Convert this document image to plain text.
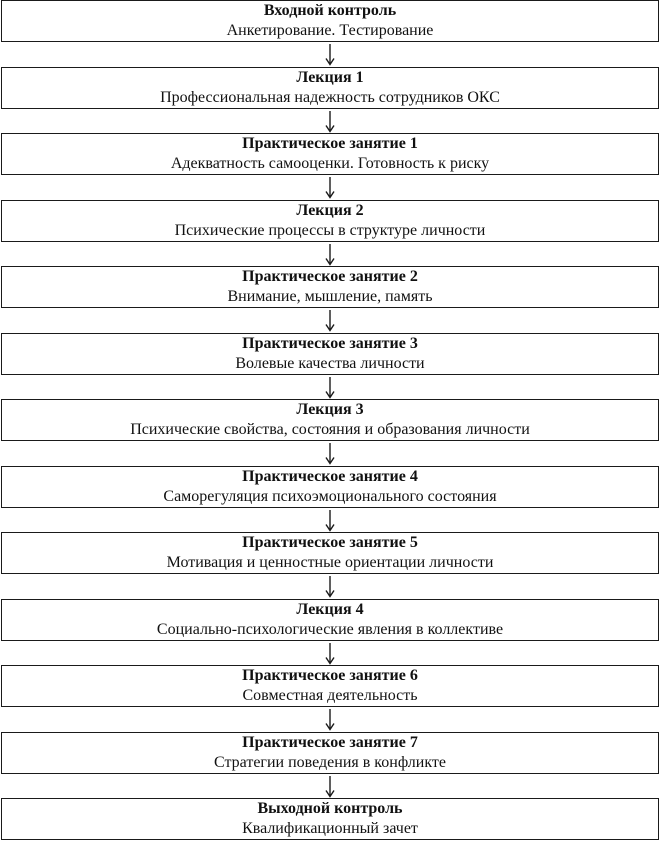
Входной контроль
Анкетирование. Тестирование
Лекция 1
Профессиональная надежность сотрудников ОКС
Практическое занятие 1
Адекватность самооценки. Готовность к риску
Лекция 2
Психические процессы в структуре личности
Практическое занятие 2
Внимание, мышление, память
Практическое занятие 3
Волевые качества личности
Лекция 3
Психические свойства, состояния и образования личности
Практическое занятие 4
Саморегуляция психоэмоционального состояния
Практическое занятие 5
Мотивация и ценностные ориентации личности
Лекция 4
Социально-психологические явления в коллективе
Практическое занятие 6
Совместная деятельность
Практическое занятие 7
Стратегии поведения в конфликте
Выходной контроль
Квалификационный зачет
